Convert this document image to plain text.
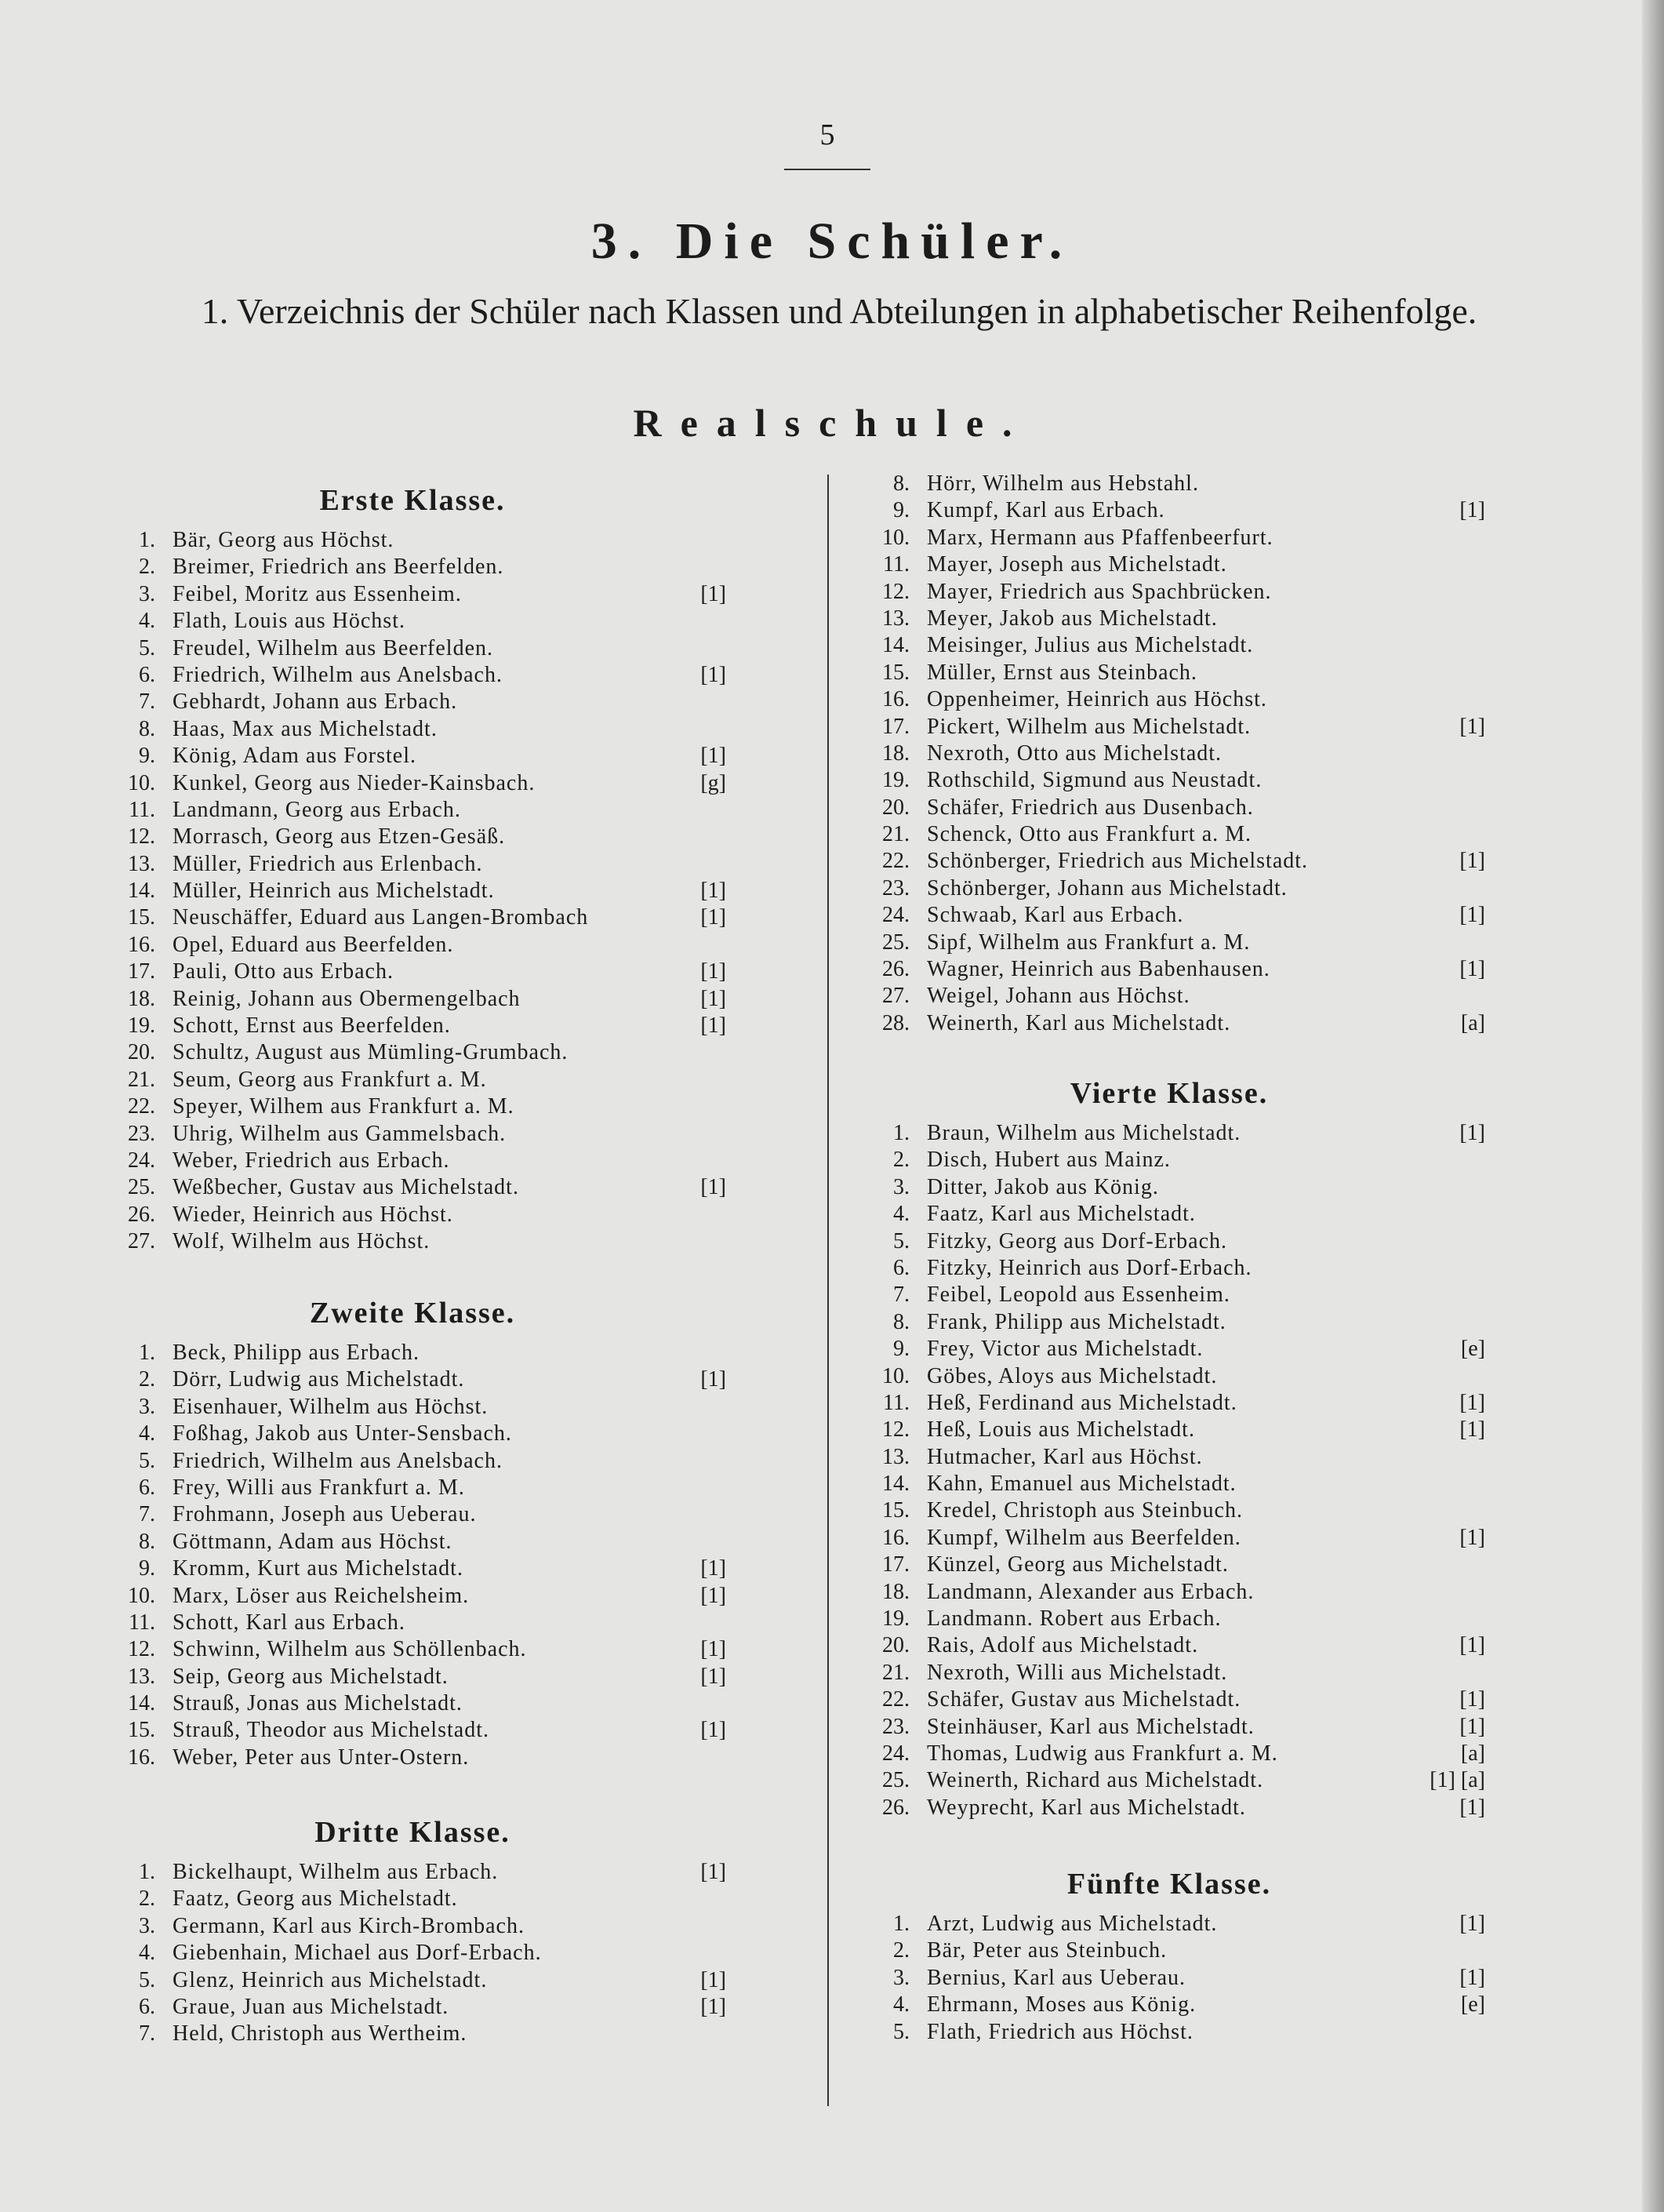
5
3. Die Schüler.
1. Verzeichnis der Schüler nach Klassen und Abteilungen in alphabetischer Reihenfolge.
Realschule.
Erste Klasse.
1. Bär, Georg aus Höchst.
2. Breimer, Friedrich ans Beerfelden.
3. Feibel, Moritz aus Essenheim.	[1]
4. Flath, Louis aus Höchst.
5. Freudel, Wilhelm aus Beerfelden.
6. Friedrich, Wilhelm aus Anelsbach.	[1]
7. Gebhardt, Johann aus Erbach.
8. Haas, Max aus Michelstadt.
9. König, Adam aus Forstel.	[1]
10. Kunkel, Georg aus Nieder-Kainsbach.	[g]
11. Landmann, Georg aus Erbach.
12. Morrasch, Georg aus Etzen-Gesäß.
13. Müller, Friedrich aus Erlenbach.
14. Müller, Heinrich aus Michelstadt.	[1]
15. Neuschäffer, Eduard aus Langen-Brombach	[1]
16. Opel, Eduard aus Beerfelden.
17. Pauli, Otto aus Erbach.	[1]
18. Reinig, Johann aus Obermengelbach	[1]
19. Schott, Ernst aus Beerfelden.	[1]
20. Schultz, August aus Mümling-Grumbach.
21. Seum, Georg aus Frankfurt a. M.
22. Speyer, Wilhem aus Frankfurt a. M.
23. Uhrig, Wilhelm aus Gammelsbach.
24. Weber, Friedrich aus Erbach.
25. Weßbecher, Gustav aus Michelstadt.	[1]
26. Wieder, Heinrich aus Höchst.
27. Wolf, Wilhelm aus Höchst.
Zweite Klasse.
1. Beck, Philipp aus Erbach.
2. Dörr, Ludwig aus Michelstadt.	[1]
3. Eisenhauer, Wilhelm aus Höchst.
4. Foßhag, Jakob aus Unter-Sensbach.
5. Friedrich, Wilhelm aus Anelsbach.
6. Frey, Willi aus Frankfurt a. M.
7. Frohmann, Joseph aus Ueberau.
8. Göttmann, Adam aus Höchst.
9. Kromm, Kurt aus Michelstadt.	[1]
10. Marx, Löser aus Reichelsheim.	[1]
11. Schott, Karl aus Erbach.
12. Schwinn, Wilhelm aus Schöllenbach.	[1]
13. Seip, Georg aus Michelstadt.	[1]
14. Strauß, Jonas aus Michelstadt.
15. Strauß, Theodor aus Michelstadt.	[1]
16. Weber, Peter aus Unter-Ostern.
Dritte Klasse.
1. Bickelhaupt, Wilhelm aus Erbach.	[1]
2. Faatz, Georg aus Michelstadt.
3. Germann, Karl aus Kirch-Brombach.
4. Giebenhain, Michael aus Dorf-Erbach.
5. Glenz, Heinrich aus Michelstadt.	[1]
6. Graue, Juan aus Michelstadt.	[1]
7. Held, Christoph aus Wertheim.
8. Hörr, Wilhelm aus Hebstahl.
9. Kumpf, Karl aus Erbach.	[1]
10. Marx, Hermann aus Pfaffenbeerfurt.
11. Mayer, Joseph aus Michelstadt.
12. Mayer, Friedrich aus Spachbrücken.
13. Meyer, Jakob aus Michelstadt.
14. Meisinger, Julius aus Michelstadt.
15. Müller, Ernst aus Steinbach.
16. Oppenheimer, Heinrich aus Höchst.
17. Pickert, Wilhelm aus Michelstadt.	[1]
18. Nexroth, Otto aus Michelstadt.
19. Rothschild, Sigmund aus Neustadt.
20. Schäfer, Friedrich aus Dusenbach.
21. Schenck, Otto aus Frankfurt a. M.
22. Schönberger, Friedrich aus Michelstadt.	[1]
23. Schönberger, Johann aus Michelstadt.
24. Schwaab, Karl aus Erbach.	[1]
25. Sipf, Wilhelm aus Frankfurt a. M.
26. Wagner, Heinrich aus Babenhausen.	[1]
27. Weigel, Johann aus Höchst.
28. Weinerth, Karl aus Michelstadt.	[a]
Vierte Klasse.
1. Braun, Wilhelm aus Michelstadt.	[1]
2. Disch, Hubert aus Mainz.
3. Ditter, Jakob aus König.
4. Faatz, Karl aus Michelstadt.
5. Fitzky, Georg aus Dorf-Erbach.
6. Fitzky, Heinrich aus Dorf-Erbach.
7. Feibel, Leopold aus Essenheim.
8. Frank, Philipp aus Michelstadt.
9. Frey, Victor aus Michelstadt.	[e]
10. Göbes, Aloys aus Michelstadt.
11. Heß, Ferdinand aus Michelstadt.	[1]
12. Heß, Louis aus Michelstadt.	[1]
13. Hutmacher, Karl aus Höchst.
14. Kahn, Emanuel aus Michelstadt.
15. Kredel, Christoph aus Steinbuch.
16. Kumpf, Wilhelm aus Beerfelden.	[1]
17. Künzel, Georg aus Michelstadt.
18. Landmann, Alexander aus Erbach.
19. Landmann. Robert aus Erbach.
20. Rais, Adolf aus Michelstadt.	[1]
21. Nexroth, Willi aus Michelstadt.
22. Schäfer, Gustav aus Michelstadt.	[1]
23. Steinhäuser, Karl aus Michelstadt.	[1]
24. Thomas, Ludwig aus Frankfurt a. M.	[a]
25. Weinerth, Richard aus Michelstadt.	[1] [a]
26. Weyprecht, Karl aus Michelstadt.	[1]
Fünfte Klasse.
1. Arzt, Ludwig aus Michelstadt.	[1]
2. Bär, Peter aus Steinbuch.
3. Bernius, Karl aus Ueberau.	[1]
4. Ehrmann, Moses aus König.	[e]
5. Flath, Friedrich aus Höchst.
